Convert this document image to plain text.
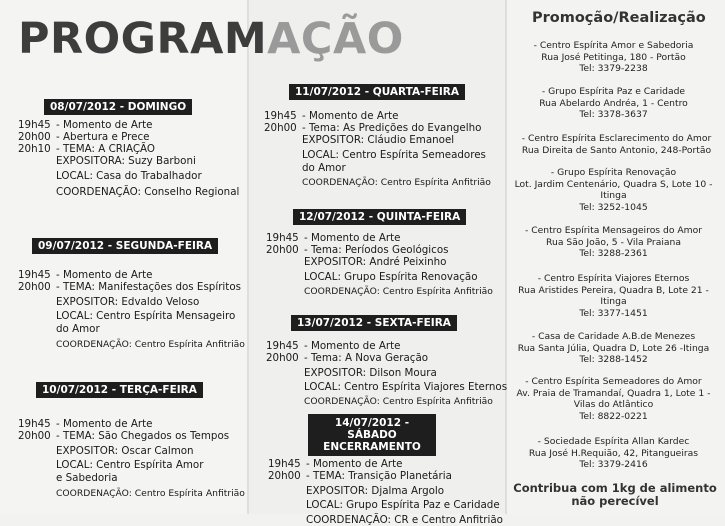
PROGRAMAÇÃO
08/07/2012 - DOMINGO
19h45 - Momento de Arte
20h00 - Abertura e Prece
20h10 - TEMA: A CRIAÇÃO
EXPOSITORA: Suzy Barboni
LOCAL: Casa do Trabalhador
COORDENAÇÃO: Conselho Regional
09/07/2012 - SEGUNDA-FEIRA
19h45 - Momento de Arte
20h00 - TEMA: Manifestações dos Espíritos
EXPOSITOR: Edvaldo Veloso
LOCAL: Centro Espírita Mensageiro
do Amor
COORDENAÇÃO: Centro Espírita Anfitrião
10/07/2012 - TERÇA-FEIRA
19h45 - Momento de Arte
20h00 - TEMA: São Chegados os Tempos
EXPOSITOR: Oscar Calmon
LOCAL: Centro Espírita Amor
e Sabedoria
COORDENAÇÃO: Centro Espírita Anfitrião
11/07/2012 - QUARTA-FEIRA
19h45 - Momento de Arte
20h00 - Tema: As Predições do Evangelho
EXPOSITOR: Cláudio Emanoel
LOCAL: Centro Espírita Semeadores
do Amor
COORDENAÇÃO: Centro Espírita Anfitrião
12/07/2012 - QUINTA-FEIRA
19h45 - Momento de Arte
20h00 - Tema: Períodos Geológicos
EXPOSITOR: André Peixinho
LOCAL: Grupo Espírita Renovação
COORDENAÇÃO: Centro Espírita Anfitrião
13/07/2012 - SEXTA-FEIRA
19h45 - Momento de Arte
20h00 - Tema: A Nova Geração
EXPOSITOR: Dilson Moura
LOCAL: Centro Espírita Viajores Eternos
COORDENAÇÃO: Centro Espírita Anfitrião
14/07/2012 - SÁBADO ENCERRAMENTO
19h45 - Momento de Arte
20h00 - TEMA: Transição Planetária
EXPOSITOR: Djalma Argolo
LOCAL: Grupo Espírita Paz e Caridade
COORDENAÇÃO: CR e Centro Anfitrião
Promoção/Realização
- Centro Espírita Amor e Sabedoria
Rua José Petitinga, 180 - Portão
Tel: 3379-2238
- Grupo Espírita Paz e Caridade
Rua Abelardo Andréa, 1 - Centro
Tel: 3378-3637
- Centro Espírita Esclarecimento do Amor
Rua Direita de Santo Antonio, 248-Portão
- Grupo Espírita Renovação
Lot. Jardim Centenário, Quadra S, Lote 10 -
Itinga
Tel: 3252-1045
- Centro Espírita Mensageiros do Amor
Rua São João, 5 - Vila Praiana
Tel: 3288-2361
- Centro Espírita Viajores Eternos
Rua Aristides Pereira, Quadra B, Lote 21 -
Itinga
Tel: 3377-1451
- Casa de Caridade A.B.de Menezes
Rua Santa Júlia, Quadra D, Lote 26 -Itinga
Tel: 3288-1452
- Centro Espírita Semeadores do Amor
Av. Praia de Tramandaí, Quadra 1, Lote 1 -
Vilas do Atlântico
Tel: 8822-0221
- Sociedade Espírita Allan Kardec
Rua José H.Requião, 42, Pitangueiras
Tel: 3379-2416
Contribua com 1kg de alimento
não perecível
